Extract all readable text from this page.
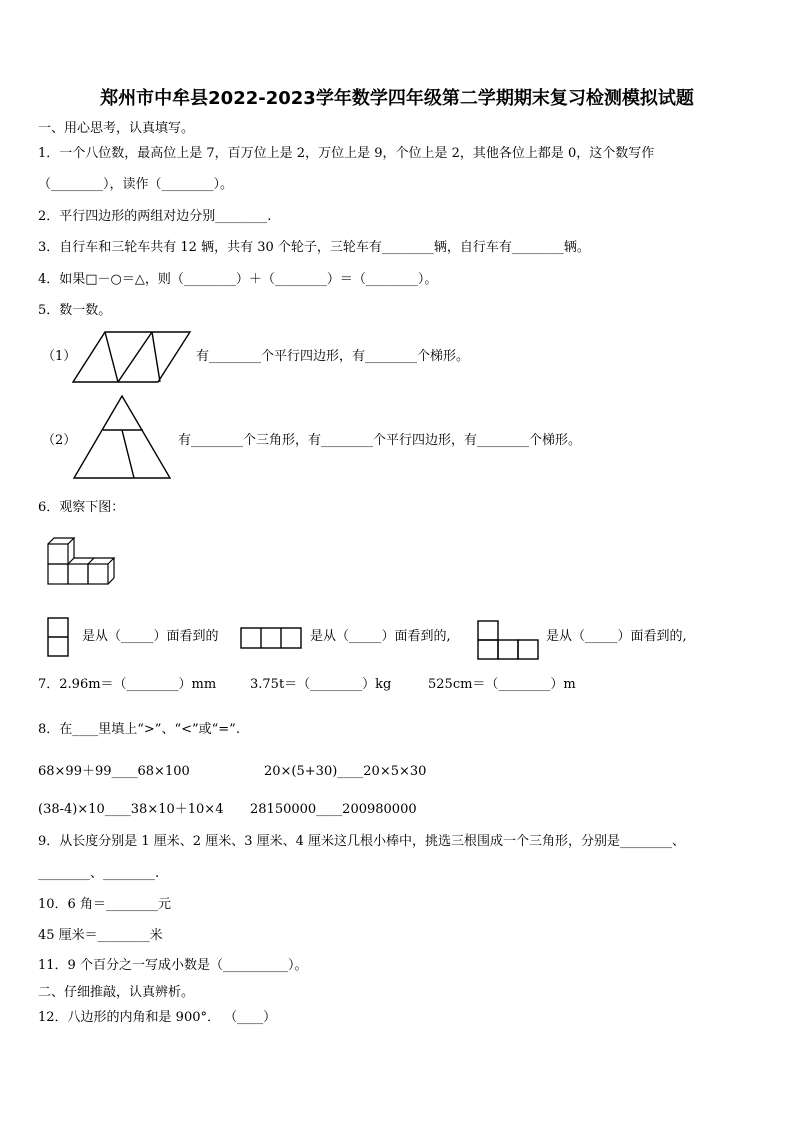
郑州市中牟县2022-2023学年数学四年级第二学期期末复习检测模拟试题
一、用心思考，认真填写。
1．一个八位数，最高位上是 7，百万位上是 2，万位上是 9，个位上是 2，其他各位上都是 0，这个数写作
（________），读作（________）。
2．平行四边形的两组对边分别________.
3．自行车和三轮车共有 12 辆，共有 30 个轮子，三轮车有________辆，自行车有________辆。
4．如果□－○＝△，则（________）＋（________）＝（________）。
5．数一数。
（1）	有________个平行四边形，有________个梯形。
（2）	有________个三角形，有________个平行四边形，有________个梯形。
6．观察下图：
是从（_____）面看到的	是从（_____）面看到的,	是从（_____）面看到的,
7．2.96m＝（________）mm	3.75t＝（________）kg	525cm＝（________）m
8．在____里填上“>”、“<”或“=”.
68×99＋99____68×100	20×(5+30)____20×5×30
(38-4)×10____38×10＋10×4 28150000____200980000
9．从长度分别是 1 厘米、2 厘米、3 厘米、4 厘米这几根小棒中，挑选三根围成一个三角形，分别是________、
________、________.
10．6 角＝________元
45 厘米＝________米
11．9 个百分之一写成小数是（__________）。
二、仔细推敲，认真辨析。
12．八边形的内角和是 900°． （____）
